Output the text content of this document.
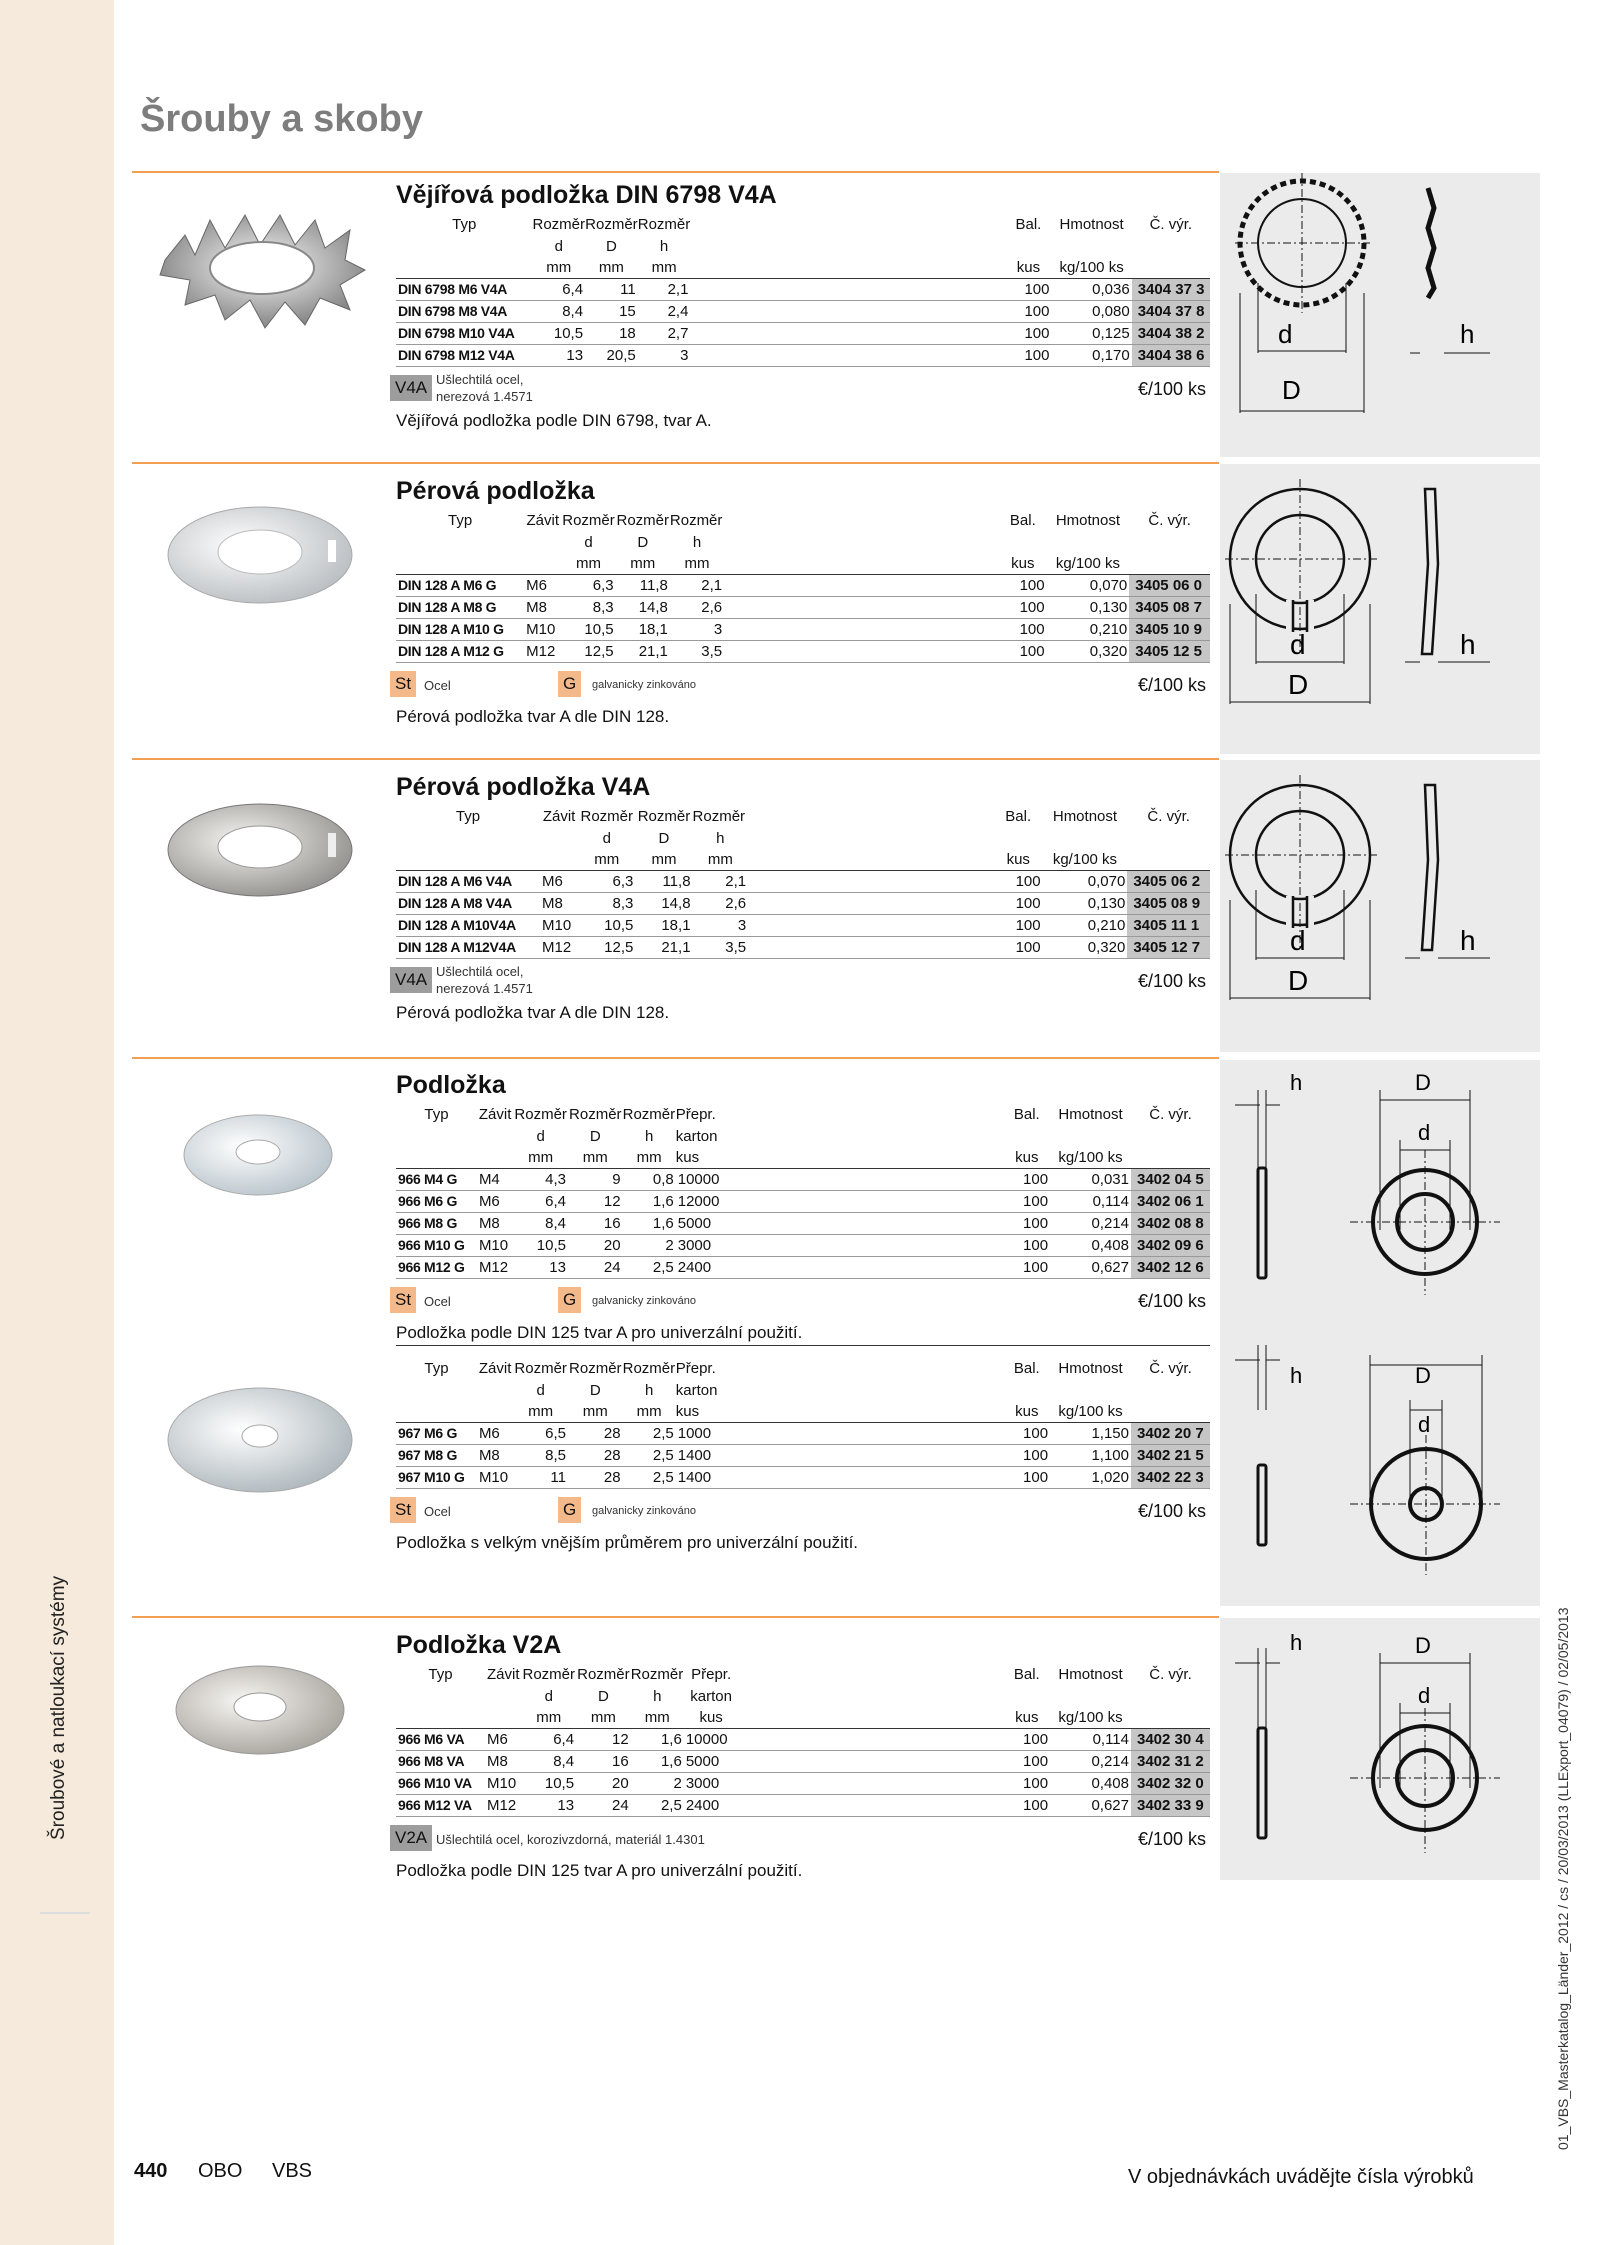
Šroubové a natloukací systémy
Šrouby a skoby
d
D
h
d
D
h
d
D
h
h	D
d
h	D
d
h	D
d
Vějířová podložka DIN 6798 V4A
Typ	Rozměr	Rozměr	Rozměr		Bal.	Hmotnost	Č. výr.
	d	D	h				
	mm	mm	mm		kus	kg/100 ks	
DIN 6798 M6 V4A	6,4	11	2,1		100	0,036	3404 37 3
DIN 6798 M8 V4A	8,4	15	2,4		100	0,080	3404 37 8
DIN 6798 M10 V4A	10,5	18	2,7		100	0,125	3404 38 2
DIN 6798 M12 V4A	13	20,5	3		100	0,170	3404 38 6
V4A Ušlechtilá ocel,
nerezová 1.4571	€/100 ks
Vějířová podložka podle DIN 6798, tvar A.
Pérová podložka
Typ	Závit	Rozměr	Rozměr	Rozměr		Bal.	Hmotnost	Č. výr.
		d	D	h				
		mm	mm	mm		kus	kg/100 ks	
DIN 128 A M6 G	M6	6,3	11,8	2,1		100	0,070	3405 06 0
DIN 128 A M8 G	M8	8,3	14,8	2,6		100	0,130	3405 08 7
DIN 128 A M10 G	M10	10,5	18,1	3		100	0,210	3405 10 9
DIN 128 A M12 G	M12	12,5	21,1	3,5		100	0,320	3405 12 5
St Ocel	G	galvanicky zinkováno	€/100 ks
Pérová podložka tvar A dle DIN 128.
Pérová podložka V4A
Typ	Závit	Rozměr	Rozměr	Rozměr		Bal.	Hmotnost	Č. výr.
		d	D	h				
		mm	mm	mm		kus	kg/100 ks	
DIN 128 A M6 V4A	M6	6,3	11,8	2,1		100	0,070	3405 06 2
DIN 128 A M8 V4A	M8	8,3	14,8	2,6		100	0,130	3405 08 9
DIN 128 A M10V4A	M10	10,5	18,1	3		100	0,210	3405 11 1
DIN 128 A M12V4A	M12	12,5	21,1	3,5		100	0,320	3405 12 7
V4A Ušlechtilá ocel,
nerezová 1.4571	€/100 ks
Pérová podložka tvar A dle DIN 128.
Podložka
Typ	Závit	Rozměr	Rozměr	Rozměr	Přepr.		Bal.	Hmotnost	Č. výr.
		d	D	h	karton				
		mm	mm	mm	kus		kus	kg/100 ks	
966 M4 G	M4	4,3	9	0,8	10000		100	0,031	3402 04 5
966 M6 G	M6	6,4	12	1,6	12000		100	0,114	3402 06 1
966 M8 G	M8	8,4	16	1,6	5000		100	0,214	3402 08 8
966 M10 G	M10	10,5	20	2	3000		100	0,408	3402 09 6
966 M12 G	M12	13	24	2,5	2400		100	0,627	3402 12 6
St Ocel	G	galvanicky zinkováno	€/100 ks
Podložka podle DIN 125 tvar A pro univerzální použití.
Typ	Závit	Rozměr	Rozměr	Rozměr	Přepr.		Bal.	Hmotnost	Č. výr.
		d	D	h	karton				
		mm	mm	mm	kus		kus	kg/100 ks	
967 M6 G	M6	6,5	28	2,5	1000		100	1,150	3402 20 7
967 M8 G	M8	8,5	28	2,5	1400		100	1,100	3402 21 5
967 M10 G	M10	11	28	2,5	1400		100	1,020	3402 22 3
St Ocel	G	galvanicky zinkováno	€/100 ks
Podložka s velkým vnějším průměrem pro univerzální použití.
Podložka V2A
Typ	Závit	Rozměr	Rozměr	Rozměr	Přepr.		Bal.	Hmotnost	Č. výr.
		d	D	h	karton				
		mm	mm	mm	kus		kus	kg/100 ks	
966 M6 VA	M6	6,4	12	1,6	10000		100	0,114	3402 30 4
966 M8 VA	M8	8,4	16	1,6	5000		100	0,214	3402 31 2
966 M10 VA	M10	10,5	20	2	3000		100	0,408	3402 32 0
966 M12 VA	M12	13	24	2,5	2400		100	0,627	3402 33 9
V2A Ušlechtilá ocel, korozivzdorná, materiál 1.4301	€/100 ks
Podložka podle DIN 125 tvar A pro univerzální použití.
440 OBO VBS	V objednávkách uvádějte čísla výrobků
01_VBS_Masterkatalog_Länder_2012 / cs / 20/03/2013 (LLExport_04079) / 02/05/2013
